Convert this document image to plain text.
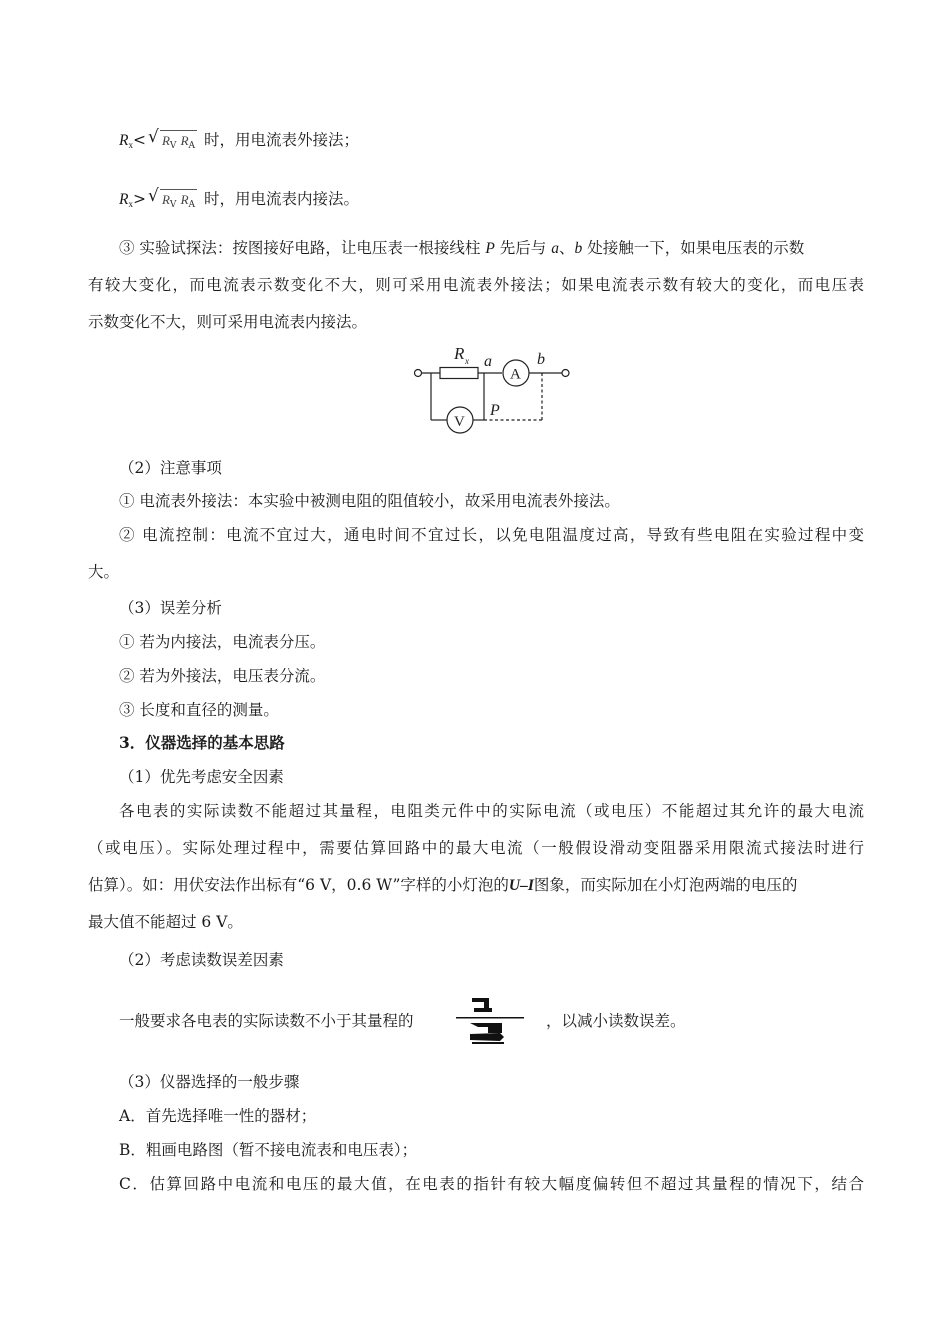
$R_x<$ √ $R_V$ $R_A$ 时，用电流表外接法；
$R_x>$ √ $R_V$ $R_A$ 时，用电流表内接法。
③ 实验试探法：按图接好电路，让电压表一根接线柱 P 先后与 a、b 处接触一下，如果电压表的示数
有较大变化，而电流表示数变化不大，则可采用电流表外接法；如果电流表示数有较大的变化，而电压表
示数变化不大，则可采用电流表内接法。
R x a	b
P
A
V
（2）注意事项
① 电流表外接法：本实验中被测电阻的阻值较小，故采用电流表外接法。
② 电流控制：电流不宜过大，通电时间不宜过长，以免电阻温度过高，导致有些电阻在实验过程中变
大。
（3）误差分析
① 若为内接法，电流表分压。
② 若为外接法，电压表分流。
③ 长度和直径的测量。
3．仪器选择的基本思路
（1）优先考虑安全因素
各电表的实际读数不能超过其量程，电阻类元件中的实际电流（或电压）不能超过其允许的最大电流
（或电压）。实际处理过程中，需要估算回路中的最大电流（一般假设滑动变阻器采用限流式接法时进行
估算）。如：用伏安法作出标有“6 V，0.6 W”字样的小灯泡的U–I图象，而实际加在小灯泡两端的电压的
最大值不能超过 6 V。
（2）考虑读数误差因素
一般要求各电表的实际读数不小于其量程的	，以减小读数误差。
（3）仪器选择的一般步骤
A．首先选择唯一性的器材；
B．粗画电路图（暂不接电流表和电压表）；
C．估算回路中电流和电压的最大值，在电表的指针有较大幅度偏转但不超过其量程的情况下，结合
